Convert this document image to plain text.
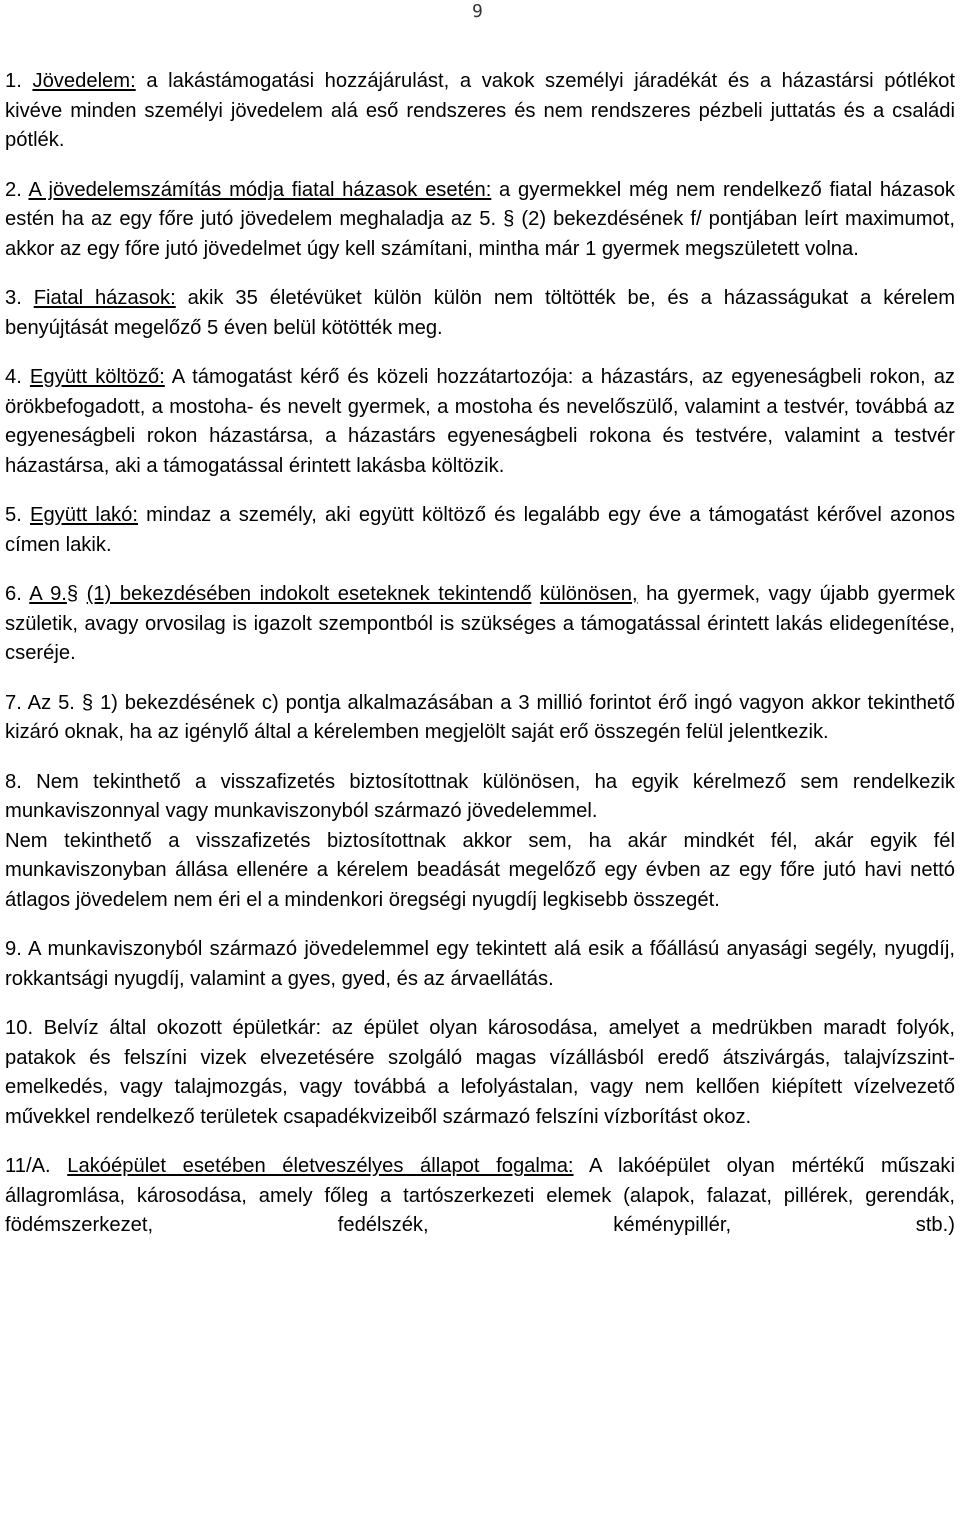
9

1. Jövedelem: a lakástámogatási hozzájárulást, a vakok személyi járadékát és a házastársi pótlékot kivéve minden személyi jövedelem alá eső rendszeres és nem rendszeres pézbeli juttatás és a családi pótlék.

2. A jövedelemszámítás módja fiatal házasok esetén: a gyermekkel még nem rendelkező fiatal házasok estén ha az egy főre jutó jövedelem meghaladja az 5. § (2) bekezdésének f/ pontjában leírt maximumot, akkor az egy főre jutó jövedelmet úgy kell számítani, mintha már 1 gyermek megszületett volna.

3. Fiatal házasok: akik 35 életévüket külön külön nem töltötték be, és a házasságukat a kérelem benyújtását megelőző 5 éven belül kötötték meg.

4. Együtt költöző: A támogatást kérő és közeli hozzátartozója: a házastárs, az egyeneságbeli rokon, az örökbefogadott, a mostoha- és nevelt gyermek, a mostoha és nevelőszülő, valamint a testvér, továbbá az egyeneságbeli rokon házastársa, a házastárs egyeneságbeli rokona és testvére, valamint a testvér házastársa, aki a támogatással érintett lakásba költözik.

5. Együtt lakó: mindaz a személy, aki együtt költöző és legalább egy éve a támogatást kérővel azonos címen lakik.

6. A 9.§ (1) bekezdésében indokolt eseteknek tekintendő különösen, ha gyermek, vagy újabb gyermek születik, avagy orvosilag is igazolt szempontból is szükséges a támogatással érintett lakás elidegenítése, cseréje.

7. Az 5. § 1) bekezdésének c) pontja alkalmazásában a 3 millió forintot érő ingó vagyon akkor tekinthető kizáró oknak, ha az igénylő által a kérelemben megjelölt saját erő összegén felül jelentkezik.

8. Nem tekinthető a visszafizetés biztosítottnak különösen, ha egyik kérelmező sem rendelkezik munkaviszonnyal vagy munkaviszonyból származó jövedelemmel.

Nem tekinthető a visszafizetés biztosítottnak akkor sem, ha akár mindkét fél, akár egyik fél munkaviszonyban állása ellenére a kérelem beadását megelőző egy évben az egy főre jutó havi nettó átlagos jövedelem nem éri el a mindenkori öregségi nyugdíj legkisebb összegét.

9. A munkaviszonyból származó jövedelemmel egy tekintett alá esik a főállású anyasági segély, nyugdíj, rokkantsági nyugdíj, valamint a gyes, gyed, és az árvaellátás.

10. Belvíz által okozott épületkár: az épület olyan károsodása, amelyet a medrükben maradt folyók, patakok és felszíni vizek elvezetésére szolgáló magas vízállásból eredő átszivárgás, talajvízszint-emelkedés, vagy talajmozgás, vagy továbbá a lefolyástalan, vagy nem kellően kiépített vízelvezető művekkel rendelkező területek csapadékvizeiből származó felszíni vízborítást okoz.

11/A. Lakóépület esetében életveszélyes állapot fogalma: A lakóépület olyan mértékű műszaki állagromlása, károsodása, amely főleg a tartószerkezeti elemek (alapok, falazat, pillérek, gerendák, födémszerkezet, fedélszék, kéménypillér, stb.)
